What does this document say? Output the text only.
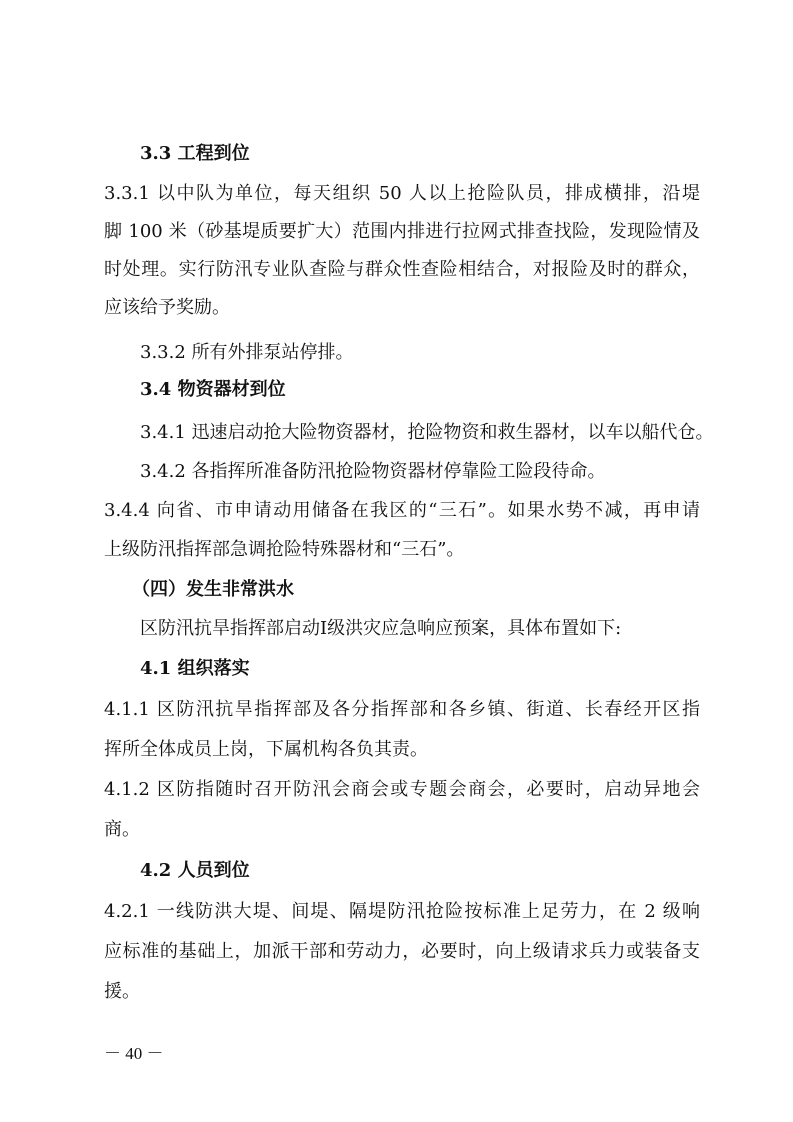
3.3 工程到位
3.3.1 以中队为单位，每天组织 50 人以上抢险队员，排成横排，沿堤
脚 100 米（砂基堤质要扩大）范围内排进行拉网式排查找险，发现险情及
时处理。实行防汛专业队查险与群众性查险相结合，对报险及时的群众，
应该给予奖励。
3.3.2 所有外排泵站停排。
3.4 物资器材到位
3.4.1 迅速启动抢大险物资器材，抢险物资和救生器材，以车以船代仓。
3.4.2 各指挥所准备防汛抢险物资器材停靠险工险段待命。
3.4.4 向省、市申请动用储备在我区的“三石”。如果水势不减，再申请
上级防汛指挥部急调抢险特殊器材和“三石”。
（四）发生非常洪水
区防汛抗旱指挥部启动Ⅰ级洪灾应急响应预案，具体布置如下:
4.1 组织落实
4.1.1 区防汛抗旱指挥部及各分指挥部和各乡镇、街道、长春经开区指
挥所全体成员上岗，下属机构各负其责。
4.1.2 区防指随时召开防汛会商会或专题会商会，必要时，启动异地会
商。
4.2 人员到位
4.2.1 一线防洪大堤、间堤、隔堤防汛抢险按标准上足劳力，在 2 级响
应标准的基础上，加派干部和劳动力，必要时，向上级请求兵力或装备支
援。
－ 40 －
